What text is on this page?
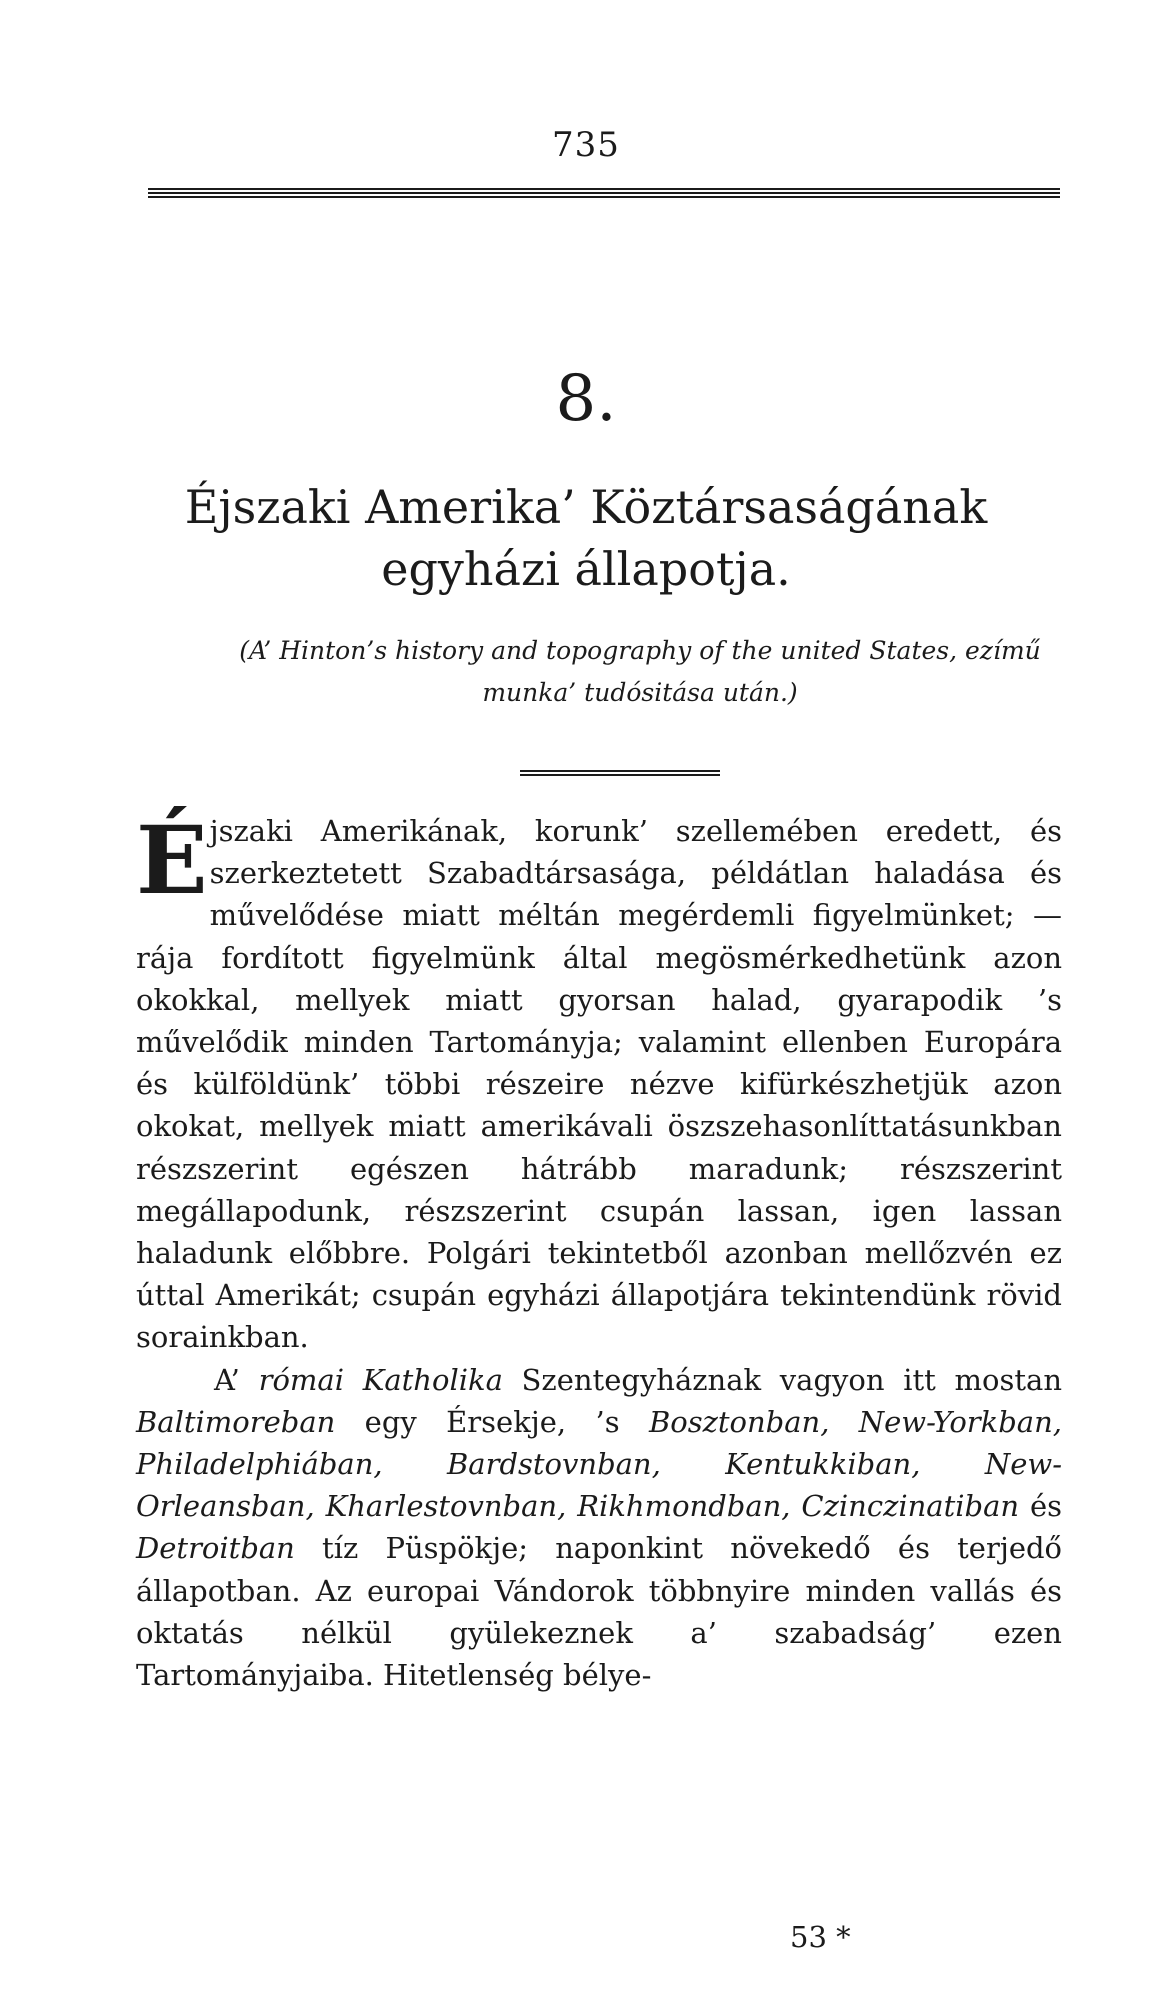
735
8.
Éjszaki Amerika’ Köztársaságának
egyházi állapotja.
(A’ Hinton’s history and topography of the united States, ezímű munka’ tudósitása után.)

Éjszaki Amerikának, korunk’ szellemében eredett, és szerkeztetett Szabadtársasága, példátlan haladása és művelődése miatt méltán megérdemli figyelmünket; — rája fordított figyelmünk által megösmérkedhetünk azon okokkal, mellyek miatt gyorsan halad, gyarapodik ’s művelődik minden Tartományja; valamint ellenben Europára és külföldünk’ többi részeire nézve kifürkészhetjük azon okokat, mellyek miatt amerikávali öszszehasonlíttatásunkban részszerint egészen hátrább maradunk; részszerint megállapodunk, részszerint csupán lassan, igen lassan haladunk előbbre. Polgári tekintetből azonban mellőzvén ez úttal Amerikát; csupán egyházi állapotjára tekintendünk rövid sorainkban.

A’ római Katholika Szentegyháznak vagyon itt mostan Baltimoreban egy Érsekje, ’s Bosztonban, New-Yorkban, Philadelphiában, Bardstovnban, Kentukkiban, New-Orleansban, Kharlestovnban, Rikhmondban, Czinczinatiban és Detroitban tíz Püspökje; naponkint növekedő és terjedő állapotban. Az europai Vándorok többnyire minden vallás és oktatás nélkül gyülekeznek a’ szabadság’ ezen Tartományjaiba. Hitetlenség bélye-

53 *
